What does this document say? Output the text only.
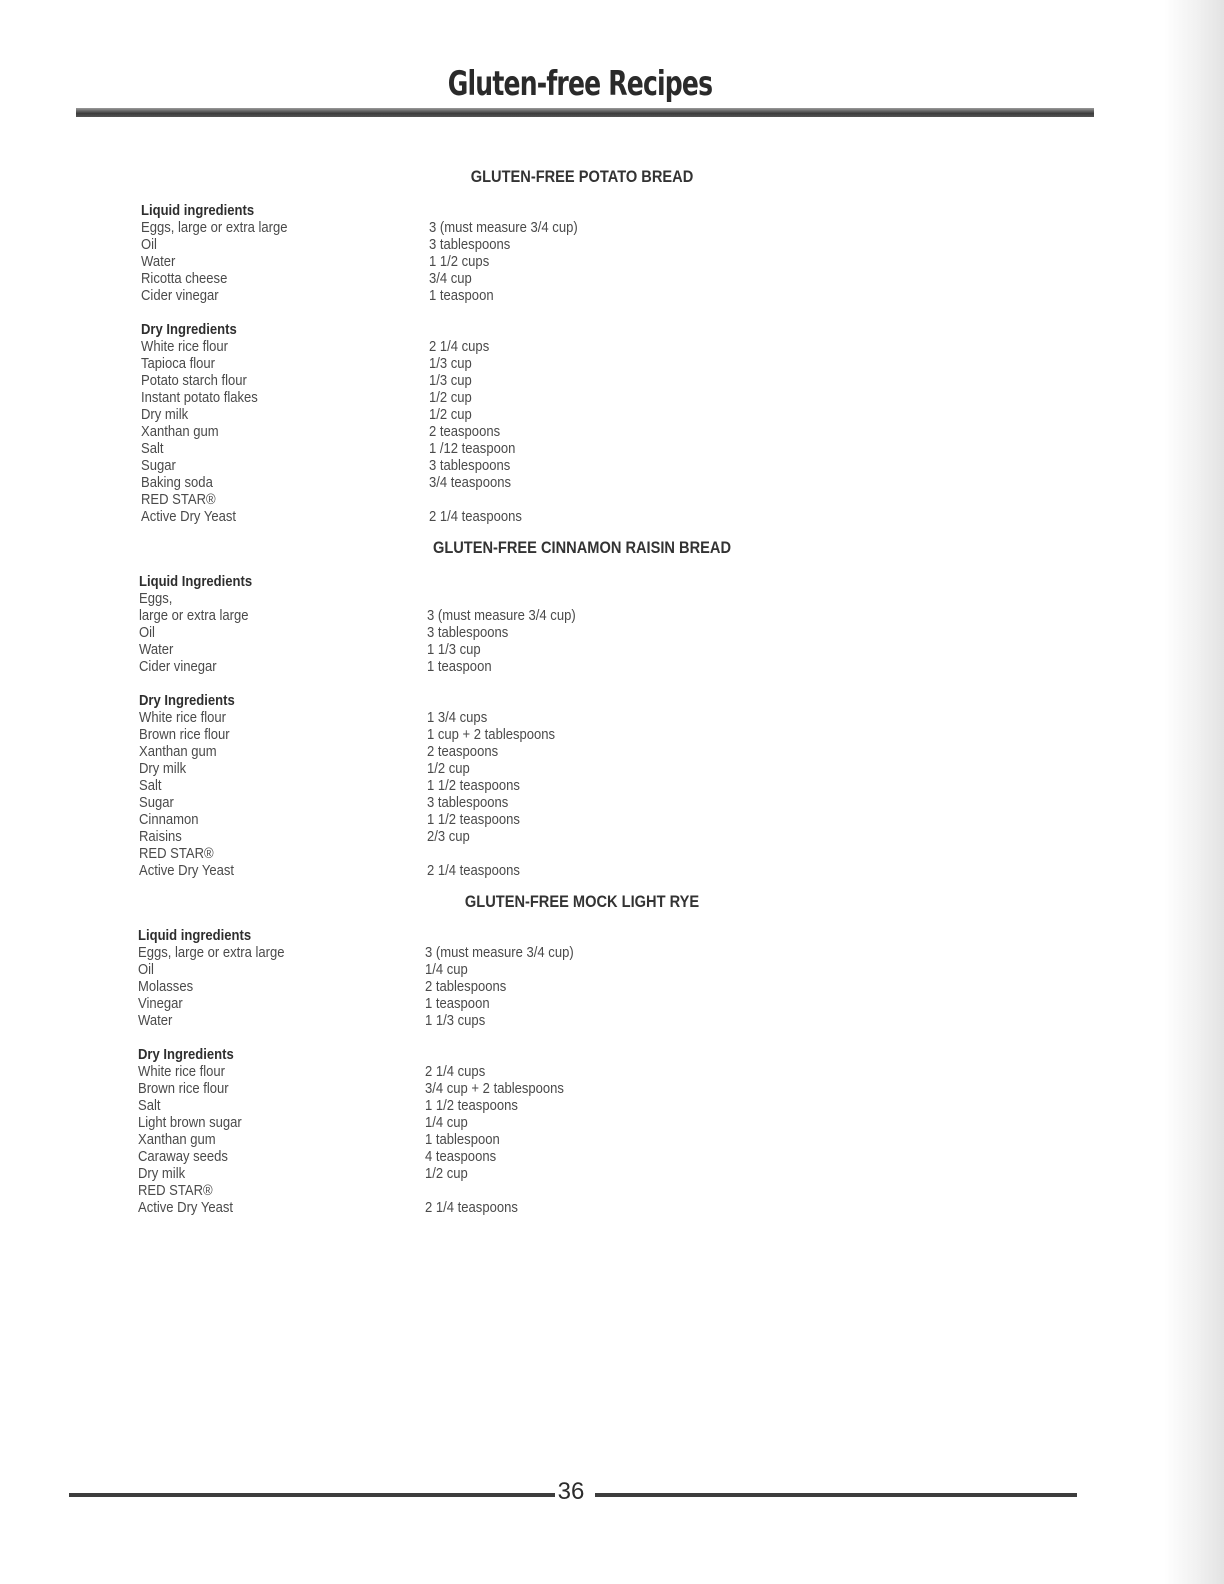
Gluten-free Recipes
GLUTEN-FREE POTATO BREAD
Liquid ingredients
Eggs, large or extra large
Oil
Water
Ricotta cheese
Cider vinegar
Dry Ingredients
White rice flour
Tapioca flour
Potato starch flour
Instant potato flakes
Dry milk
Xanthan gum
Salt
Sugar
Baking soda
RED STAR®
Active Dry Yeast
3 (must measure 3/4 cup)
3 tablespoons
1 1/2 cups
3/4 cup
1 teaspoon
2 1/4 cups
1/3 cup
1/3 cup
1/2 cup
1/2 cup
2 teaspoons
1 /12 teaspoon
3 tablespoons
3/4 teaspoons
2 1/4 teaspoons
GLUTEN-FREE CINNAMON RAISIN BREAD
Liquid Ingredients
Eggs,
large or extra large
Oil
Water
Cider vinegar
Dry Ingredients
White rice flour
Brown rice flour
Xanthan gum
Dry milk
Salt
Sugar
Cinnamon
Raisins
RED STAR®
Active Dry Yeast
3 (must measure 3/4 cup)
3 tablespoons
1 1/3 cup
1 teaspoon
1 3/4 cups
1 cup + 2 tablespoons
2 teaspoons
1/2 cup
1 1/2 teaspoons
3 tablespoons
1 1/2 teaspoons
2/3 cup
2 1/4 teaspoons
GLUTEN-FREE MOCK LIGHT RYE
Liquid ingredients
Eggs, large or extra large
Oil
Molasses
Vinegar
Water
Dry Ingredients
White rice flour
Brown rice flour
Salt
Light brown sugar
Xanthan gum
Caraway seeds
Dry milk
RED STAR®
Active Dry Yeast
3 (must measure 3/4 cup)
1/4 cup
2 tablespoons
1 teaspoon
1 1/3 cups
2 1/4 cups
3/4 cup + 2 tablespoons
1 1/2 teaspoons
1/4 cup
1 tablespoon
4 teaspoons
1/2 cup
2 1/4 teaspoons
36
